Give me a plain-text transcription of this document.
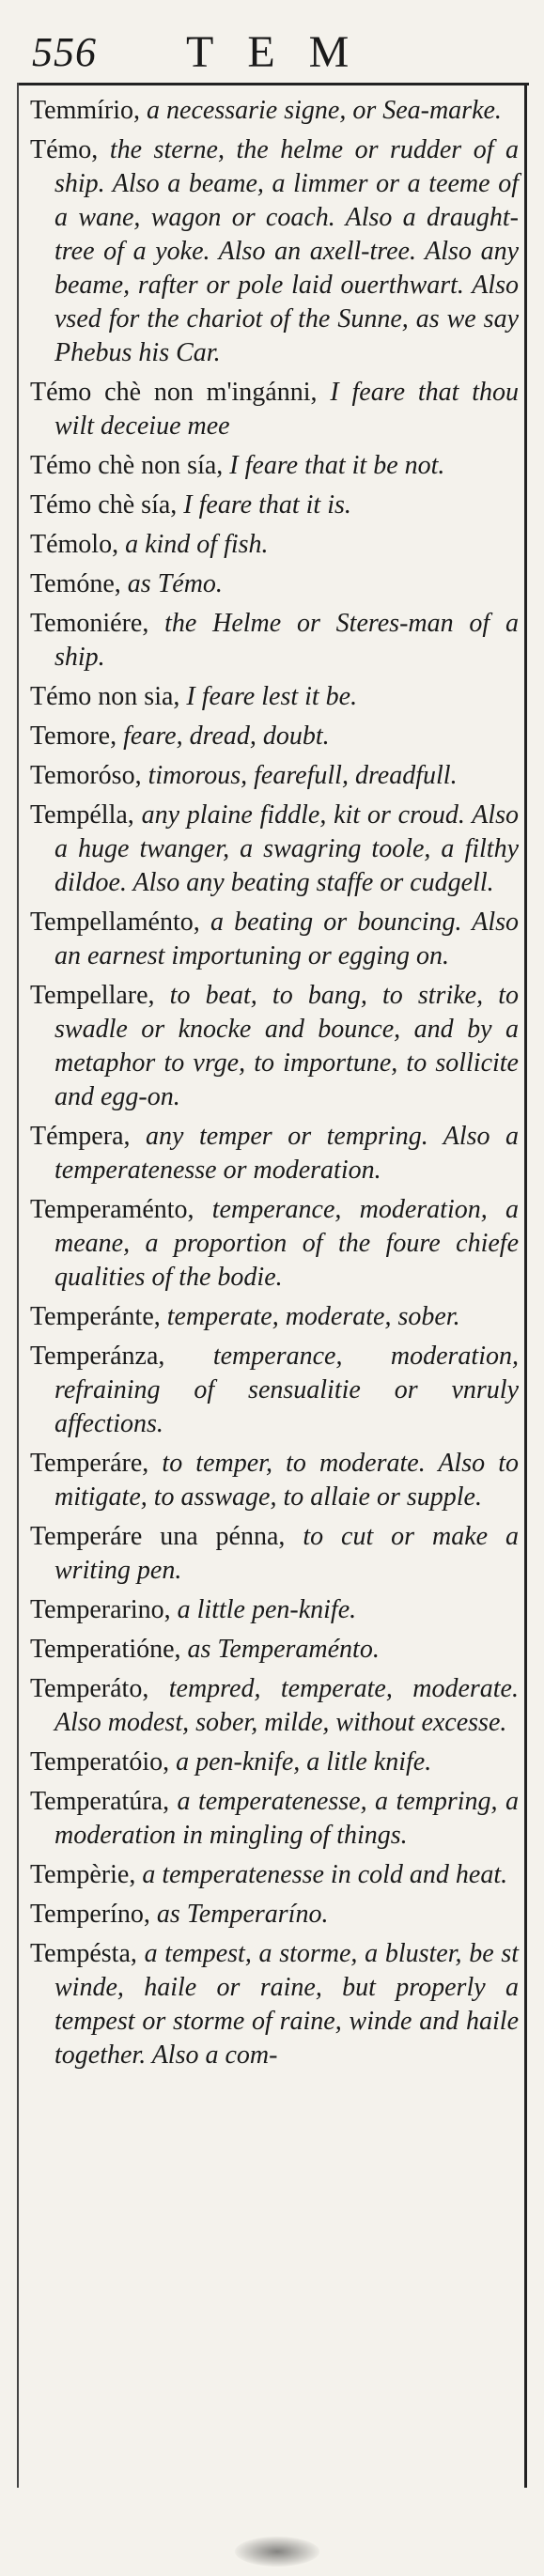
556 TEM
Temmírio, a necessarie signe, or Sea-marke.
Témo, the sterne, the helme or rudder of a ship. Also a beame, a limmer or a teeme of a wane, wagon or coach. Also a draught-tree of a yoke. Also an axell-tree. Also any beame, rafter or pole laid ouerthwart. Also vsed for the chariot of the Sunne, as we say Phebus his Car.
Témo chè non m'ingánni, I feare that thou wilt deceiue mee
Témo chè non sía, I feare that it be not.
Témo chè sía, I feare that it is.
Témolo, a kind of fish.
Temóne, as Témo.
Temoniére, the Helme or Steres-man of a ship.
Témo non sia, I feare lest it be.
Temore, feare, dread, doubt.
Temoróso, timorous, fearefull, dreadfull.
Tempélla, any plaine fiddle, kit or croud. Also a huge twanger, a swagring toole, a filthy dildoe. Also any beating staffe or cudgell.
Tempellaménto, a beating or bouncing. Also an earnest importuning or egging on.
Tempellare, to beat, to bang, to strike, to swadle or knocke and bounce, and by a metaphor to vrge, to importune, to sollicite and egg-on.
Témpera, any temper or tempring. Also a temperatenesse or moderation.
Temperaménto, temperance, moderation, a meane, a proportion of the foure chiefe qualities of the bodie.
Temperánte, temperate, moderate, sober.
Temperánza, temperance, moderation, refraining of sensualitie or vnruly affections.
Temperáre, to temper, to moderate. Also to mitigate, to asswage, to allaie or supple.
Temperáre una pénna, to cut or make a writing pen.
Temperarino, a little pen-knife.
Temperatióne, as Temperaménto.
Temperáto, tempred, temperate, moderate. Also modest, sober, milde, without excesse.
Temperatóio, a pen-knife, a litle knife.
Temperatúra, a temperatenesse, a tempring, a moderation in mingling of things.
Tempèrie, a temperatenesse in cold and heat.
Temperíno, as Temperaríno.
Tempésta, a tempest, a storme, a bluster, be st winde, haile or raine, but properly a tempest or storme of raine, winde and haile together. Also a com-
